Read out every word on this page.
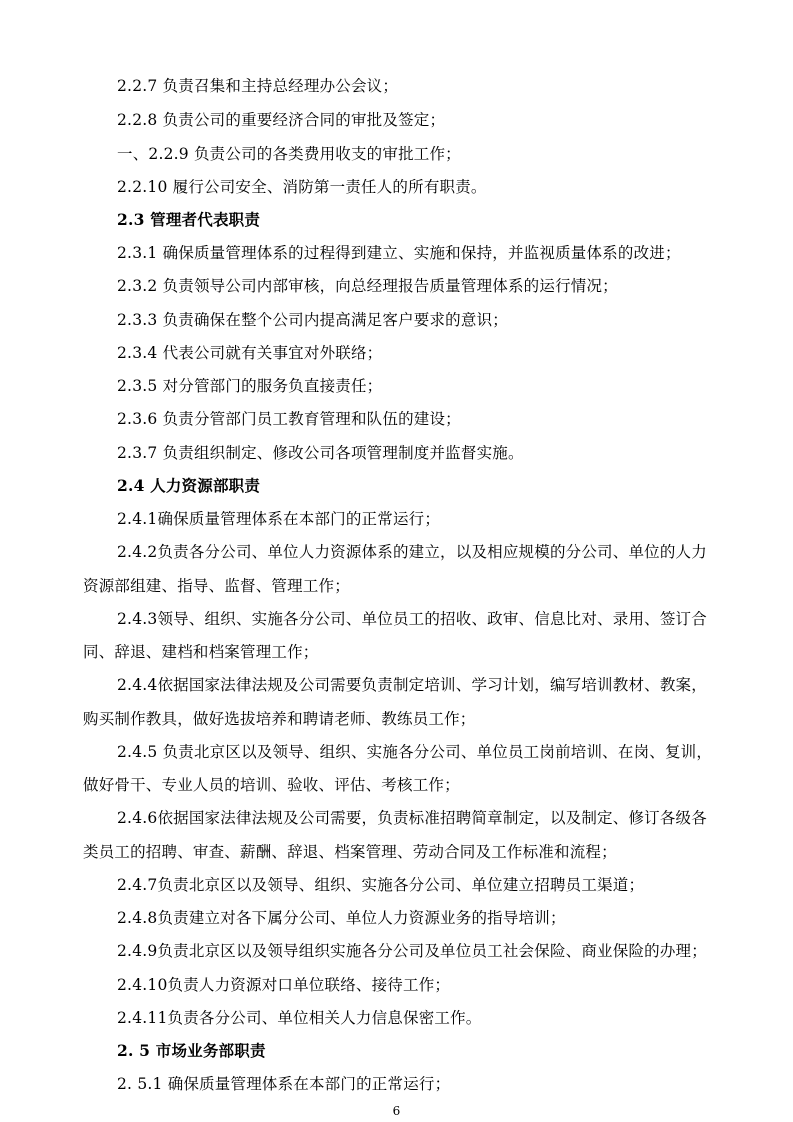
2.2.7 负责召集和主持总经理办公会议；
2.2.8 负责公司的重要经济合同的审批及签定；
一、2.2.9 负责公司的各类费用收支的审批工作；
2.2.10 履行公司安全、消防第一责任人的所有职责。
2.3 管理者代表职责
2.3.1 确保质量管理体系的过程得到建立、实施和保持，并监视质量体系的改进；
2.3.2 负责领导公司内部审核，向总经理报告质量管理体系的运行情况；
2.3.3 负责确保在整个公司内提高满足客户要求的意识；
2.3.4 代表公司就有关事宜对外联络；
2.3.5 对分管部门的服务负直接责任；
2.3.6 负责分管部门员工教育管理和队伍的建设；
2.3.7 负责组织制定、修改公司各项管理制度并监督实施。
2.4 人力资源部职责
2.4.1确保质量管理体系在本部门的正常运行；
2.4.2负责各分公司、单位人力资源体系的建立，以及相应规模的分公司、单位的人力
资源部组建、指导、监督、管理工作；
2.4.3领导、组织、实施各分公司、单位员工的招收、政审、信息比对、录用、签订合
同、辞退、建档和档案管理工作；
2.4.4依据国家法律法规及公司需要负责制定培训、学习计划，编写培训教材、教案，
购买制作教具，做好选拔培养和聘请老师、教练员工作；
2.4.5 负责北京区以及领导、组织、实施各分公司、单位员工岗前培训、在岗、复训，
做好骨干、专业人员的培训、验收、评估、考核工作；
2.4.6依据国家法律法规及公司需要，负责标准招聘简章制定，以及制定、修订各级各
类员工的招聘、审查、薪酬、辞退、档案管理、劳动合同及工作标准和流程；
2.4.7负责北京区以及领导、组织、实施各分公司、单位建立招聘员工渠道；
2.4.8负责建立对各下属分公司、单位人力资源业务的指导培训；
2.4.9负责北京区以及领导组织实施各分公司及单位员工社会保险、商业保险的办理；
2.4.10负责人力资源对口单位联络、接待工作；
2.4.11负责各分公司、单位相关人力信息保密工作。
2. 5 市场业务部职责
2. 5.1 确保质量管理体系在本部门的正常运行；
6
